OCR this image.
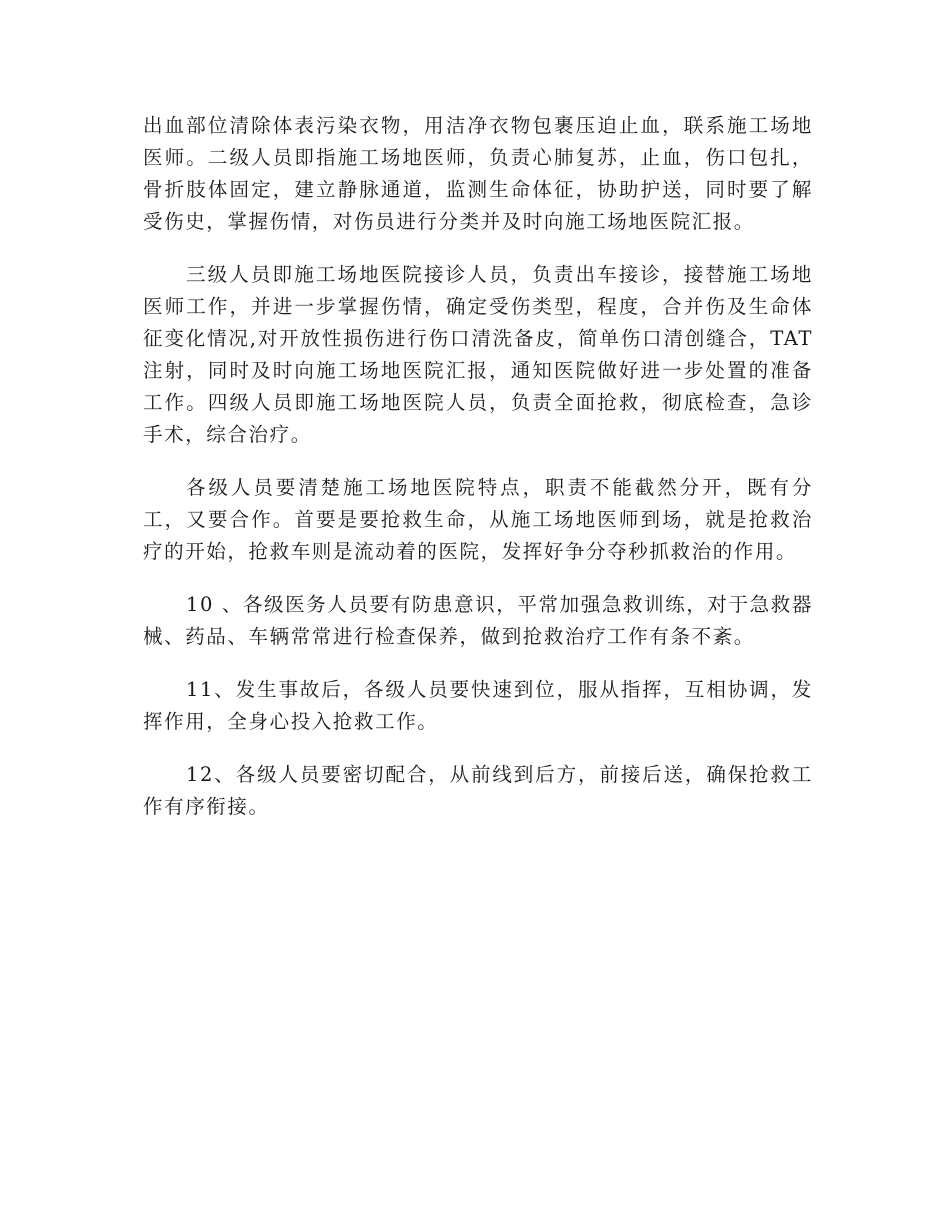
出血部位清除体表污染衣物，用洁净衣物包裹压迫止血，联系施工场地医师。二级人员即指施工场地医师，负责心肺复苏，止血，伤口包扎，骨折肢体固定，建立静脉通道，监测生命体征，协助护送，同时要了解受伤史，掌握伤情，对伤员进行分类并及时向施工场地医院汇报。

三级人员即施工场地医院接诊人员，负责出车接诊，接替施工场地医师工作，并进一步掌握伤情，确定受伤类型，程度，合并伤及生命体征变化情况,对开放性损伤进行伤口清洗备皮，简单伤口清创缝合，TAT 注射，同时及时向施工场地医院汇报，通知医院做好进一步处置的准备工作。四级人员即施工场地医院人员，负责全面抢救，彻底检查，急诊手术，综合治疗。

各级人员要清楚施工场地医院特点，职责不能截然分开，既有分工，又要合作。首要是要抢救生命，从施工场地医师到场，就是抢救治疗的开始，抢救车则是流动着的医院，发挥好争分夺秒抓救治的作用。

10 、各级医务人员要有防患意识，平常加强急救训练，对于急救器械、药品、车辆常常进行检查保养，做到抢救治疗工作有条不紊。

11、发生事故后，各级人员要快速到位，服从指挥，互相协调，发挥作用，全身心投入抢救工作。

12、各级人员要密切配合，从前线到后方，前接后送，确保抢救工作有序衔接。
